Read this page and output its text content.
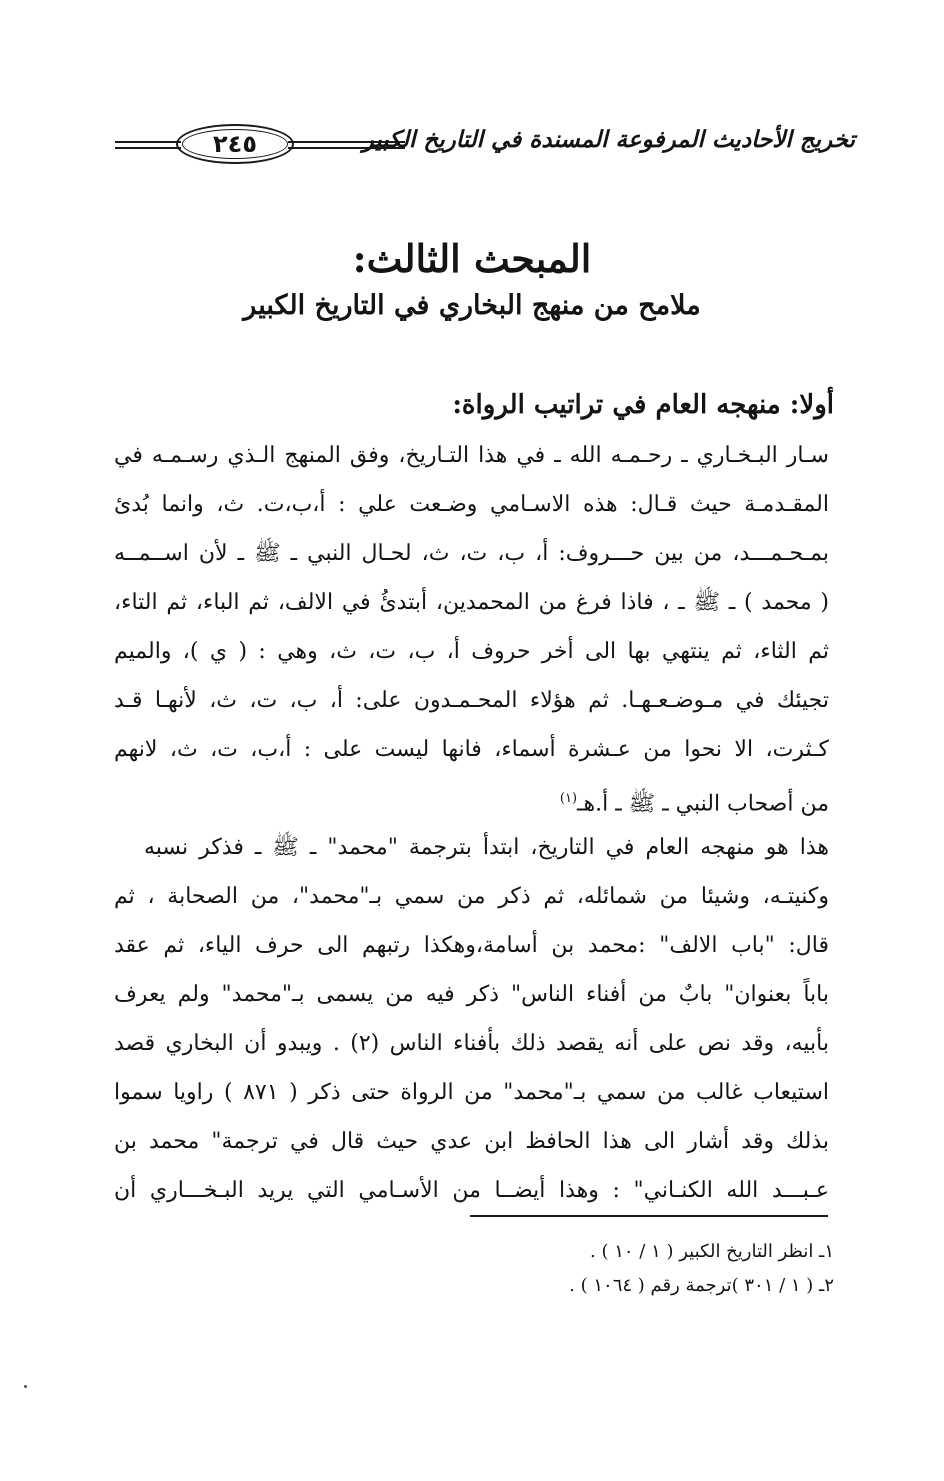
٢٤٥	تخريج الأحاديث المرفوعة المسندة في التاريخ الكبير
المبحث الثالث:
ملامح من منهج البخاري في التاريخ الكبير
أولا: منهجه العام في تراتيب الرواة:
سـار البـخـاري ـ رحـمـه الله ـ في هذا التـاريخ، وفق المنهج الـذي رسـمـه في
المقـدمـة حيث قـال: هذه الاسـامي وضـعت علي : أ،ب،ت. ث، وانما بُدئ
بمـحـمـــد، من بين حـــروف: أ، ب، ت، ث، لحـال النبي ـ ﷺ ـ لأن اســمــه
( محمد ) ـ ﷺ ـ ، فاذا فرغ من المحمدين، أبتدئُ في الالف، ثم الباء، ثم التاء،
ثم الثاء، ثم ينتهي بها الى أخر حروف أ، ب، ت، ث، وهي : ( ي )، والميم
تجيئك في مـوضـعـهـا. ثم هؤلاء المحـمـدون على: أ، ب، ت، ث، لأنهـا قـد
كـثرت، الا نحوا من عـشرة أسماء، فانها ليست على : أ،ب، ت، ث، لانهم
من أصحاب النبي ـ ﷺ ـ أ.هـ$^{(١)}$
هذا هو منهجه العام في التاريخ، ابتدأ بترجمة "محمد" ـ ﷺ ـ فذكر نسبه
وكنيتـه، وشيئا من شمائله، ثم ذكر من سمي بـ"محمد"، من الصحابة ، ثم
قال: "باب الالف" :محمد بن أسامة،وهكذا رتبهم الى حرف الياء، ثم عقد
باباً بعنوان" بابٌ من أفناء الناس" ذكر فيه من يسمى بـ"محمد" ولم يعرف
بأبيه، وقد نص على أنه يقصد ذلك بأفناء الناس (٢) . ويبدو أن البخاري قصد
استيعاب غالب من سمي بـ"محمد" من الرواة حتى ذكر ( ٨٧١ ) راويا سموا
بذلك وقد أشار الى هذا الحافظ ابن عدي حيث قال في ترجمة" محمد بن
عـبـــد الله الكنـاني" : وهذا أيضــا من الأسـامي التي يريد البـخـــاري أن
١ـ انظر التاريخ الكبير ( ١ / ١٠ ) .
٢ـ ( ١ / ٣٠١ )ترجمة رقم ( ١٠٦٤ ) .
